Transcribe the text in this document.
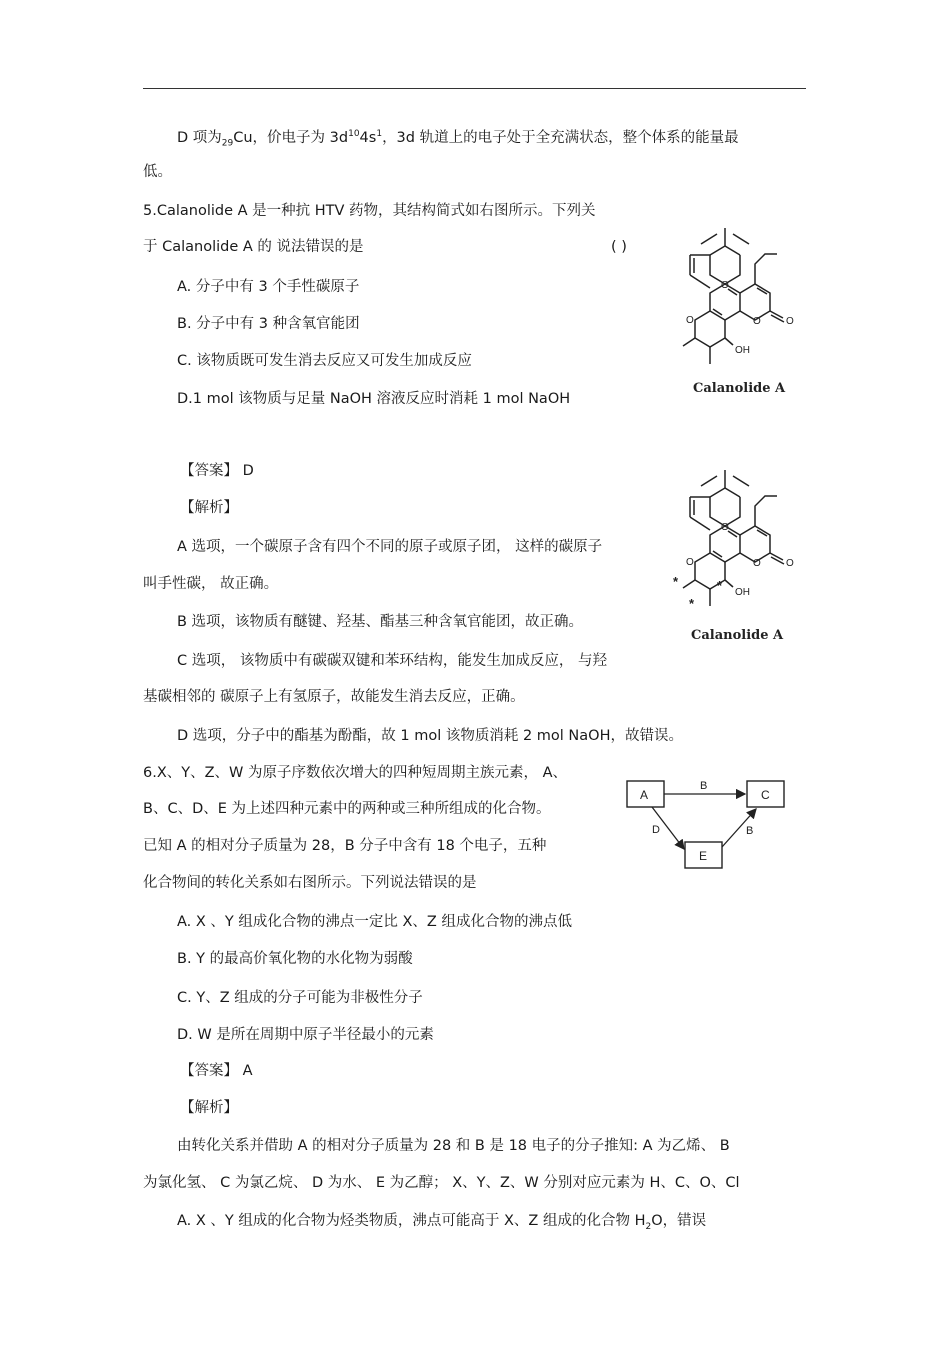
D 项为$_{29}$Cu，价电子为 $3d^{10}4s^1$，3d 轨道上的电子处于全充满状态，整个体系的能量最
低。
5.Calanolide A 是一种抗 HTV 药物，其结构简式如右图所示。下列关
于 Calanolide A 的 说法错误的是	( )
A. 分子中有 3 个手性碳原子
B. 分子中有 3 种含氧官能团
C. 该物质既可发生消去反应又可发生加成反应
D.1 mol 该物质与足量 NaOH 溶液反应时消耗 1 mol NaOH
【答案】 D
【解析】
A 选项，一个碳原子含有四个不同的原子或原子团， 这样的碳原子
叫手性碳， 故正确。
B 选项，该物质有醚键、羟基、酯基三种含氧官能团，故正确。
C 选项， 该物质中有碳碳双键和苯环结构，能发生加成反应， 与羟
基碳相邻的 碳原子上有氢原子，故能发生消去反应，正确。
D 选项，分子中的酯基为酚酯，故 1 mol 该物质消耗 2 mol NaOH，故错误。
O	O	O
O
OH
Calanolide A
O	O	O
O
OH
*
*
*
Calanolide A
6.X、Y、Z、W 为原子序数依次增大的四种短周期主族元素， A、
B、C、D、E 为上述四种元素中的两种或三种所组成的化合物。
已知 A 的相对分子质量为 28，B 分子中含有 18 个电子，五种
化合物间的转化关系如右图所示。下列说法错误的是
A. X 、Y 组成化合物的沸点一定比 X、Z 组成化合物的沸点低
B. Y 的最高价氧化物的水化物为弱酸
C. Y、Z 组成的分子可能为非极性分子
D. W 是所在周期中原子半径最小的元素
【答案】 A
【解析】
由转化关系并借助 A 的相对分子质量为 28 和 B 是 18 电子的分子推知: A 为乙烯、 B
为氯化氢、 C 为氯乙烷、 D 为水、 E 为乙醇； X、Y、Z、W 分别对应元素为 H、C、O、Cl
A. X 、Y 组成的化合物为烃类物质，沸点可能高于 X、Z 组成的化合物 $H_2O$，错误
A	C
E
B
D	B
